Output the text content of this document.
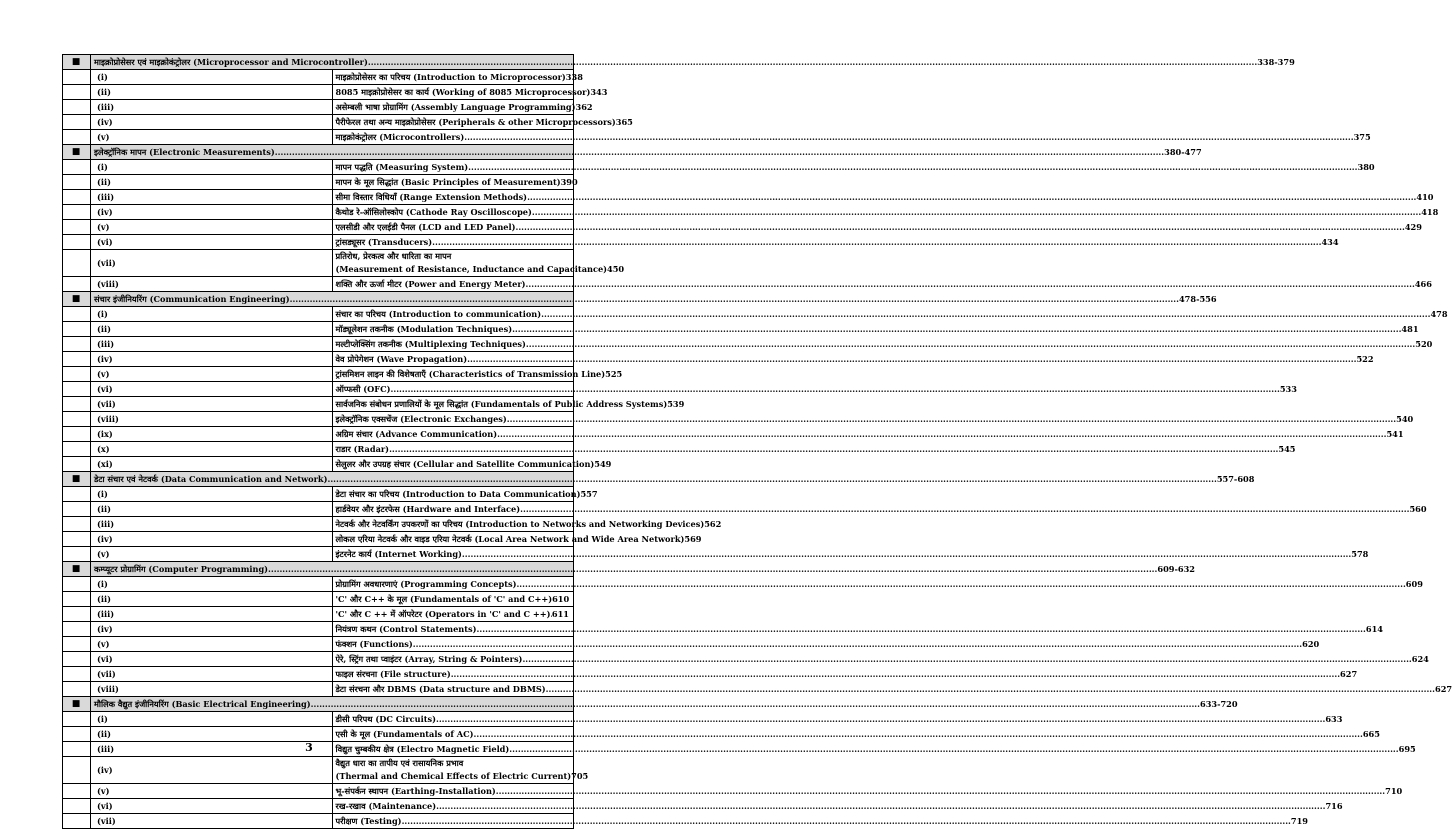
■	माइक्रोप्रोसेसर एवं माइक्रोकंट्रोलर (Microprocessor and Microcontroller) ..... 338-379

	(i)	माइक्रोप्रोसेसर का परिचय (Introduction to Microprocessor) 338

	(ii)	8085 माइक्रोप्रोसेसर का कार्य (Working of 8085 Microprocessor) 343

	(iii)	असेम्बली भाषा प्रोग्रामिंग (Assembly Language Programming) 362

	(iv)	पैरीफेरल तथा अन्य माइक्रोप्रोसेसर (Peripherals & other Microprocessors) 365

	(v)	माइक्रोकंट्रोलर (Microcontrollers) ..... 375

■	इलेक्ट्रॉनिक मापन (Electronic Measurements) ..... 380-477

	(i)	मापन पद्धति (Measuring System) ..... 380

	(ii)	मापन के मूल सिद्धांत (Basic Principles of Measurement) 390

	(iii)	सीमा विस्तार विधियाँ (Range Extension Methods) ..... 410

	(iv)	कैथोड रे-ऑसिलोस्कोप (Cathode Ray Oscilloscope) ..... 418

	(v)	एलसीडी और एलईडी पैनल (LCD and LED Panel) ..... 429

	(vi)	ट्रांसड्यूसर (Transducers) ..... 434

	(vii)	प्रतिरोध, प्रेरकत्व और धारिता का मापन
(Measurement of Resistance, Inductance and Capacitance) 450

	(viii)	शक्ति और ऊर्जा मीटर (Power and Energy Meter) ..... 466

■	संचार इंजीनियरिंग (Communication Engineering) ..... 478-556

	(i)	संचार का परिचय (Introduction to communication) ..... 478

	(ii)	मॉड्यूलेशन तकनीक (Modulation Techniques) ..... 481

	(iii)	मल्टीप्लेक्सिंग तकनीक (Multiplexing Techniques) ..... 520

	(iv)	वेव प्रोपेगेशन (Wave Propagation) ..... 522

	(v)	ट्रांसमिशन लाइन की विशेषताएँ (Characteristics of Transmission Line) 525

	(vi)	ऑप्फसी (OFC) ..... 533

	(vii)	सार्वजनिक संबोधन प्रणालियों के मूल सिद्धांत (Fundamentals of Public Address Systems) 539

	(viii)	इलेक्ट्रॉनिक एक्सचेंज (Electronic Exchanges) ..... 540

	(ix)	अग्रिम संचार (Advance Communication) ..... 541

	(x)	राडार (Radar) ..... 545

	(xi)	सेलुलर और उपग्रह संचार (Cellular and Satellite Communication) 549

■	डेटा संचार एवं नेटवर्क (Data Communication and Network) ..... 557-608

	(i)	डेटा संचार का परिचय (Introduction to Data Communication) 557

	(ii)	हार्डवेयर और इंटरफेस (Hardware and Interface) ..... 560

	(iii)	नेटवर्क और नेटवर्किंग उपकरणों का परिचय (Introduction to Networks and Networking Devices) 562

	(iv)	लोकल एरिया नेटवर्क और वाइड एरिया नेटवर्क (Local Area Network and Wide Area Network) 569

	(v)	इंटरनेट कार्य (Internet Working) ..... 578

■	कम्प्यूटर प्रोग्रामिंग (Computer Programming) ..... 609-632

	(i)	प्रोग्रामिंग अवधारणाएं (Programming Concepts) ..... 609

	(ii)	'C' और C++ के मूल (Fundamentals of 'C' and C++) 610

	(iii)	'C' और C ++ में ऑपरेटर (Operators in 'C' and C ++) ..... 611

	(iv)	नियंत्रण कथन (Control Statements) ..... 614

	(v)	फंक्शन (Functions) ..... 620

	(vi)	ऐरे, स्ट्रिंग तथा प्वाइंटर (Array, String & Pointers) ..... 624

	(vii)	फाइल संरचना (File structure) ..... 627

	(viii)	डेटा संरचना और DBMS (Data structure and DBMS) ..... 627

■	मौलिक वैद्युत इंजीनियरिंग (Basic Electrical Engineering) ..... 633-720

	(i)	डीसी परिपथ (DC Circuits) ..... 633

	(ii)	एसी के मूल (Fundamentals of AC) ..... 665

	(iii)	विद्युत चुम्बकीय क्षेत्र (Electro Magnetic Field) ..... 695

	(iv)	वैद्युत धारा का तापीय एवं रासायनिक प्रभाव
(Thermal and Chemical Effects of Electric Current) 705

	(v)	भू-संपर्कन स्थापन (Earthing-Installation) ..... 710

	(vi)	रख-रखाव (Maintenance) ..... 716

	(vii)	परीक्षण (Testing) ..... 719
3
